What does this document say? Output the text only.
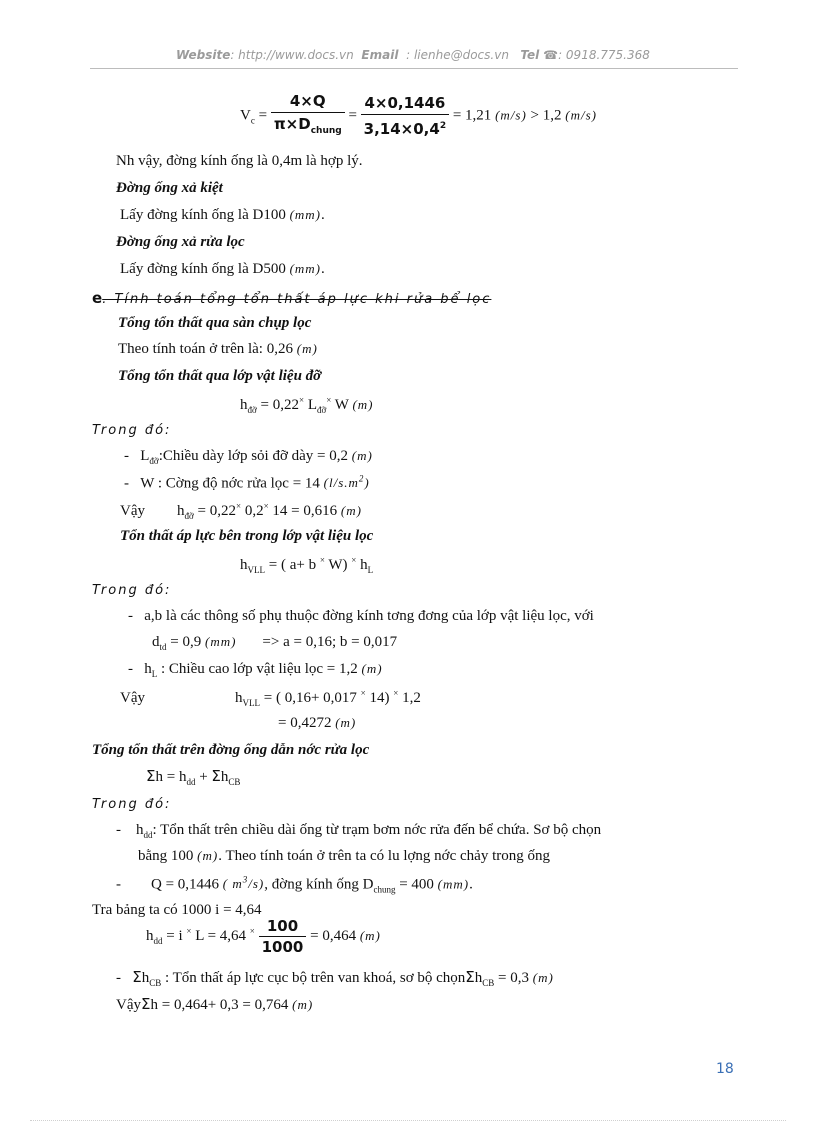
Website: http://www.docs.vn Email : lienhe@docs.vn Tel ☎: 0918.775.368
$V_c = \frac{4\times Q}{\pi\times D_{chung}} = \frac{4\times 0,1446}{3,14\times 0,4^2} = 1,21$ (m/s) > 1,2 (m/s)
Nh vậy, đờng kính ống là 0,4m là hợp lý.
Đờng ống xả kiệt
Lấy đờng kính ống là D100 (mm).
Đờng ống xả rửa lọc
Lấy đờng kính ống là D500 (mm).
e. Tính toán tổng tổn thất áp lực khi rửa bể lọc
Tổng tổn thất qua sàn chụp lọc
Theo tính toán ở trên là: 0,26 (m)
Tổng tổn thất qua lớp vật liệu đỡ
$h_{đỡ} = 0,22^\times$ $L_{đỡ}^\times$ W (m)
Trong đó:
- $L_{đỡ}:Chiều$ dày lớp sỏi đỡ dày = 0,2 (m)
- W : Cờng độ nớc rửa lọc = 14 $(l/s.m^2)$
Vậy $h_{đỡ} = 0,22^\times$ 0,2× 14 = 0,616 (m)
Tổn thất áp lực bên trong lớp vật liệu lọc
$h_{VLL}$ = ( a+ b × W) × $h_L$
Trong đó:
- a,b là các thông số phụ thuộc đờng kính tơng đơng của lớp vật liệu lọc, với
$d_{td} = 0,9$ (mm) => a = 0,16; b = 0,017
- $h_L$ : Chiều cao lớp vật liệu lọc = 1,2 (m)
Vậy	$h_{VLL}$ = ( 0,16+ 0,017 × 14) × 1,2
= 0,4272 (m)
Tổng tổn thất trên đờng ống dẫn nớc rửa lọc
$\Sigma h = h_{dd} + \Sigma h_{CB}$
Trong đó:
- $h_{dd}$: Tổn thất trên chiều dài ống từ trạm bơm nớc rửa đến bể chứa. Sơ bộ chọn
bằng 100 (m). Theo tính toán ở trên ta có lu lợng nớc chảy trong ống
- Q = 0,1446 ( $m^3/s$), đờng kính ống $D_{chung} = 400$ (mm).
Tra bảng ta có 1000 i = 4,64
$h_{dd} = i$ × L = 4,64 $^\times \frac{100}{1000} = 0,464$ (m)
- $\Sigma h_{CB}$ : Tổn thất áp lực cục bộ trên van khoá, sơ bộ chọnΣh$_{CB}$ = 0,3 (m)
VậyΣh = 0,464+ 0,3 = 0,764 (m)
18
